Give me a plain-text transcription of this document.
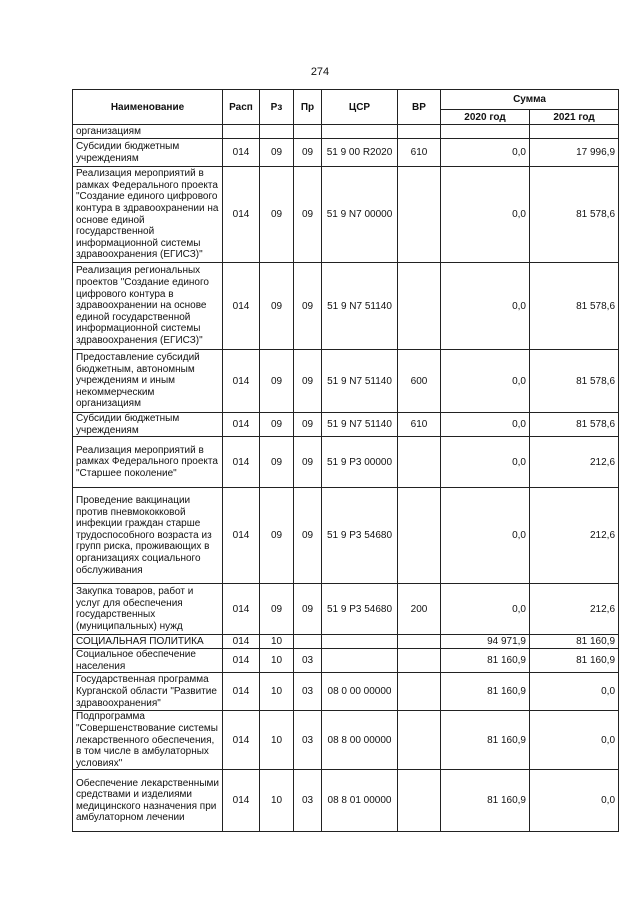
274
Наименование	Расп	Рз	Пр	ЦСР	ВР	Сумма	
						2020 год	2021 год
организациям							
Субсидии бюджетным учреждениям	014	09	09	51 9 00 R2020	610	0,0	17 996,9
Реализация мероприятий в рамках Федерального проекта "Создание единого цифрового контура в здравоохранении на основе единой государственной информационной системы здравоохранения (ЕГИСЗ)"	014	09	09	51 9 N7 00000		0,0	81 578,6
Реализация региональных проектов "Создание единого цифрового контура в здравоохранении на основе единой государственной информационной системы здравоохранения (ЕГИСЗ)"	014	09	09	51 9 N7 51140		0,0	81 578,6
Предоставление субсидий бюджетным, автономным учреждениям и иным некоммерческим организациям	014	09	09	51 9 N7 51140	600	0,0	81 578,6
Субсидии бюджетным учреждениям	014	09	09	51 9 N7 51140	610	0,0	81 578,6
Реализация мероприятий в рамках Федерального проекта "Старшее поколение"	014	09	09	51 9 P3 00000		0,0	212,6
Проведение вакцинации против пневмококковой инфекции граждан старше трудоспособного возраста из групп риска, проживающих в организациях социального обслуживания	014	09	09	51 9 P3 54680		0,0	212,6
Закупка товаров, работ и услуг для обеспечения государственных (муниципальных) нужд	014	09	09	51 9 P3 54680	200	0,0	212,6
СОЦИАЛЬНАЯ ПОЛИТИКА	014	10				94 971,9	81 160,9
Социальное обеспечение населения	014	10	03			81 160,9	81 160,9
Государственная программа Курганской области "Развитие здравоохранения"	014	10	03	08 0 00 00000		81 160,9	0,0
Подпрограмма "Совершенствование системы лекарственного обеспечения, в том числе в амбулаторных условиях"	014	10	03	08 8 00 00000		81 160,9	0,0
Обеспечение лекарственными средствами и изделиями медицинского назначения при амбулаторном лечении	014	10	03	08 8 01 00000		81 160,9	0,0
